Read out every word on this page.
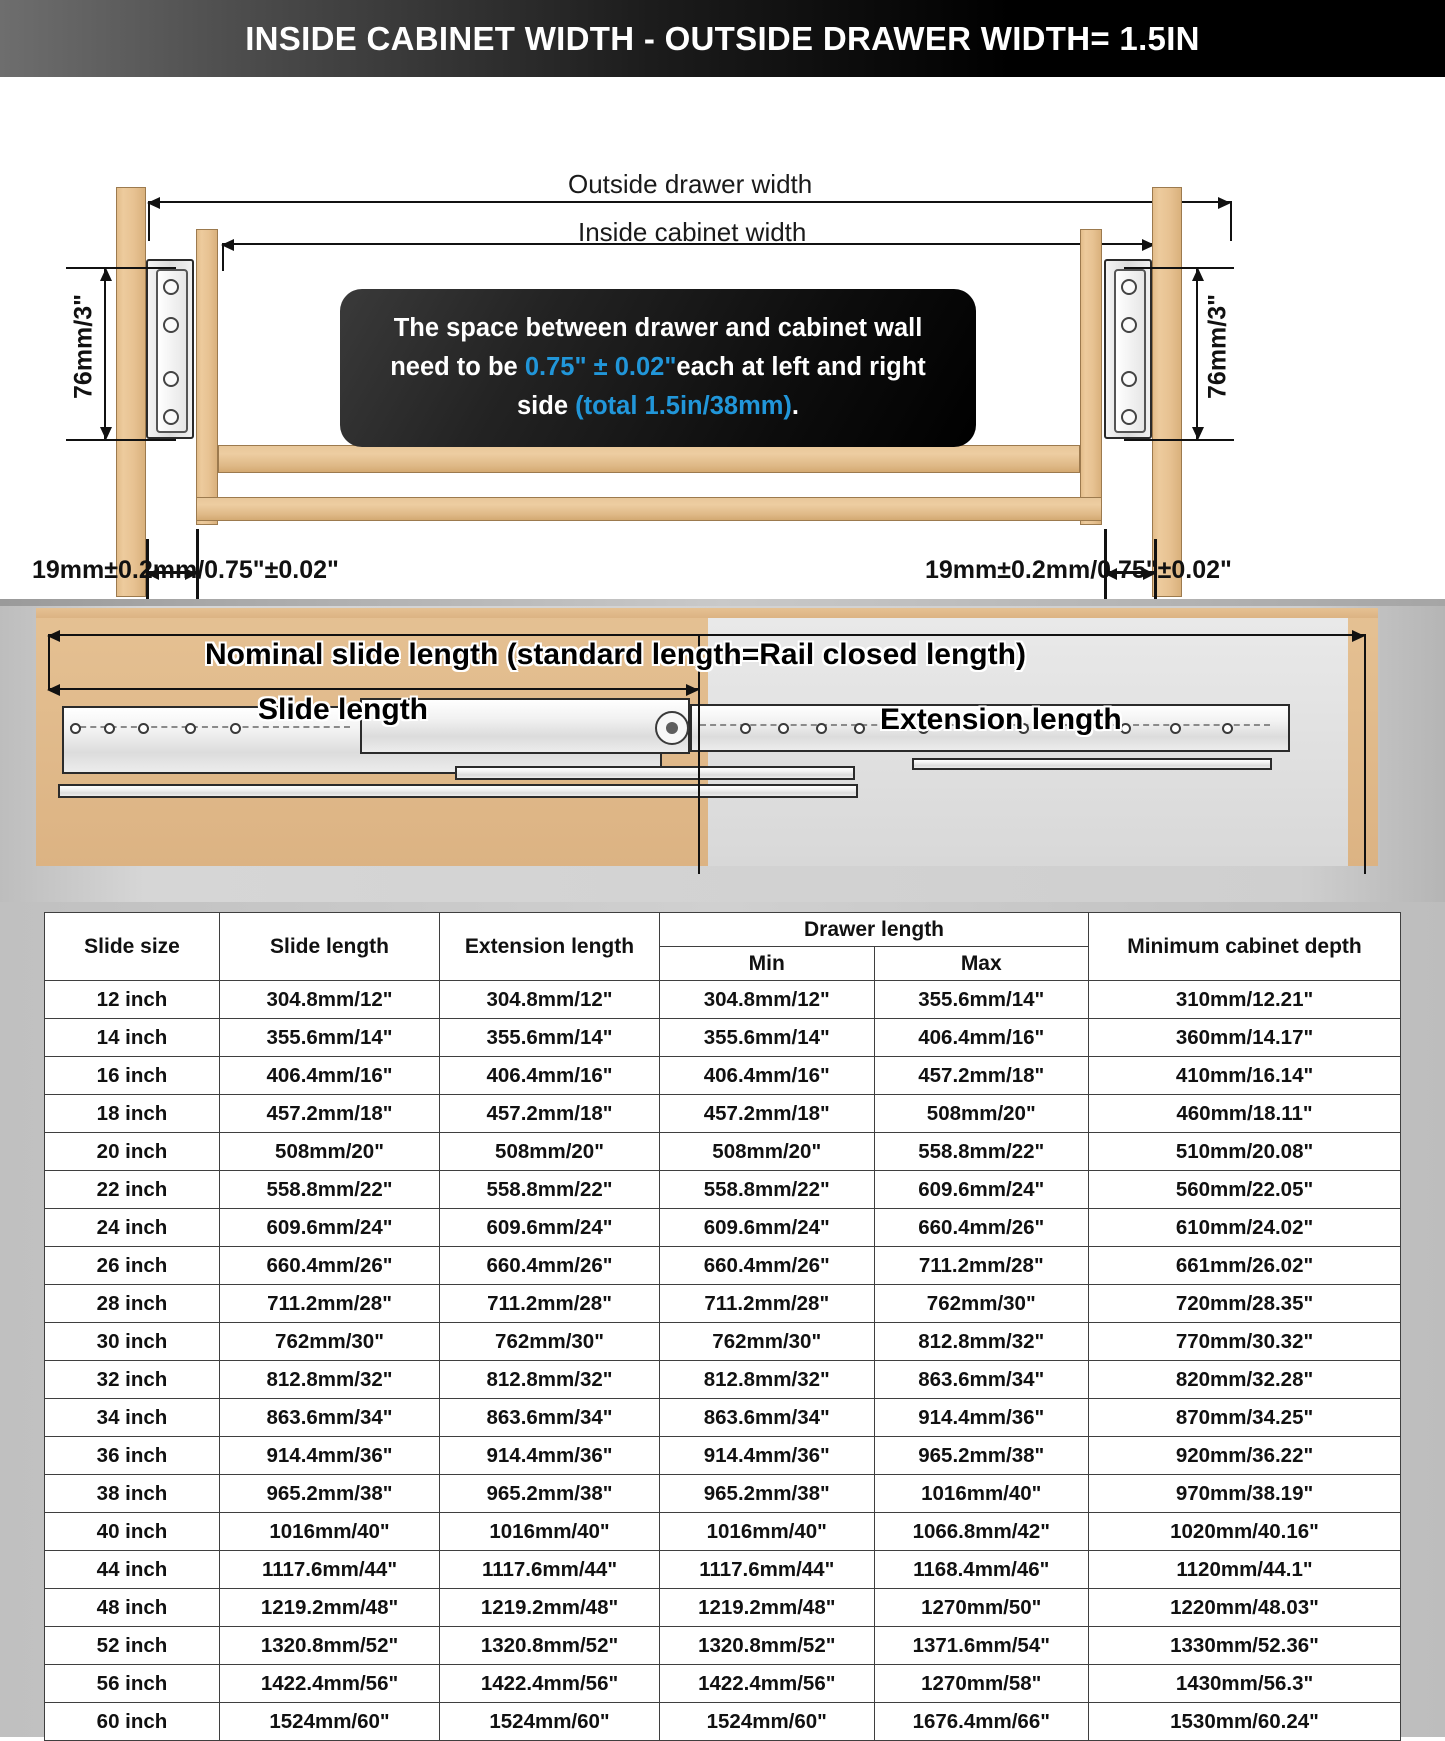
INSIDE CABINET WIDTH - OUTSIDE DRAWER WIDTH= 1.5IN
Outside drawer width
Inside cabinet width
76mm/3"	76mm/3"
The space between drawer and cabinet wall
need to be 0.75" ± 0.02"each at left and right
side (total 1.5in/38mm).
19mm±0.2mm/0.75"±0.02"	19mm±0.2mm/0.75"±0.02"
Nominal slide length (standard length=Rail closed length)
Slide length	Extension length
Slide size	Slide length	Extension length	Drawer length		Minimum cabinet depth
			Min	Max	
12 inch	304.8mm/12"	304.8mm/12"	304.8mm/12"	355.6mm/14"	310mm/12.21"
14 inch	355.6mm/14"	355.6mm/14"	355.6mm/14"	406.4mm/16"	360mm/14.17"
16 inch	406.4mm/16"	406.4mm/16"	406.4mm/16"	457.2mm/18"	410mm/16.14"
18 inch	457.2mm/18"	457.2mm/18"	457.2mm/18"	508mm/20"	460mm/18.11"
20 inch	508mm/20"	508mm/20"	508mm/20"	558.8mm/22"	510mm/20.08"
22 inch	558.8mm/22"	558.8mm/22"	558.8mm/22"	609.6mm/24"	560mm/22.05"
24 inch	609.6mm/24"	609.6mm/24"	609.6mm/24"	660.4mm/26"	610mm/24.02"
26 inch	660.4mm/26"	660.4mm/26"	660.4mm/26"	711.2mm/28"	661mm/26.02"
28 inch	711.2mm/28"	711.2mm/28"	711.2mm/28"	762mm/30"	720mm/28.35"
30 inch	762mm/30"	762mm/30"	762mm/30"	812.8mm/32"	770mm/30.32"
32 inch	812.8mm/32"	812.8mm/32"	812.8mm/32"	863.6mm/34"	820mm/32.28"
34 inch	863.6mm/34"	863.6mm/34"	863.6mm/34"	914.4mm/36"	870mm/34.25"
36 inch	914.4mm/36"	914.4mm/36"	914.4mm/36"	965.2mm/38"	920mm/36.22"
38 inch	965.2mm/38"	965.2mm/38"	965.2mm/38"	1016mm/40"	970mm/38.19"
40 inch	1016mm/40"	1016mm/40"	1016mm/40"	1066.8mm/42"	1020mm/40.16"
44 inch	1117.6mm/44"	1117.6mm/44"	1117.6mm/44"	1168.4mm/46"	1120mm/44.1"
48 inch	1219.2mm/48"	1219.2mm/48"	1219.2mm/48"	1270mm/50"	1220mm/48.03"
52 inch	1320.8mm/52"	1320.8mm/52"	1320.8mm/52"	1371.6mm/54"	1330mm/52.36"
56 inch	1422.4mm/56"	1422.4mm/56"	1422.4mm/56"	1270mm/58"	1430mm/56.3"
60 inch	1524mm/60"	1524mm/60"	1524mm/60"	1676.4mm/66"	1530mm/60.24"
